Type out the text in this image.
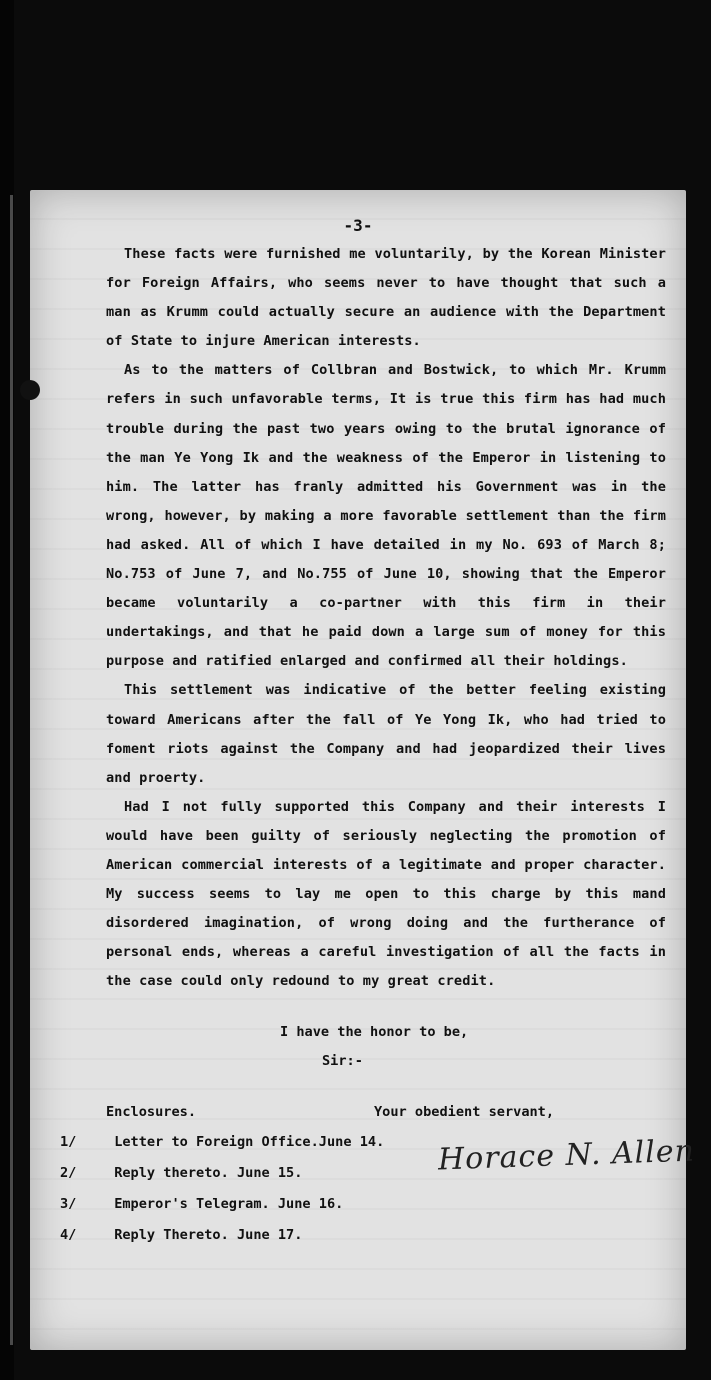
-3-

These facts were furnished me voluntarily, by the Korean Minister for Foreign Affairs, who seems never to have thought that such a man as Krumm could actually secure an audience with the Department of State to injure American interests.

As to the matters of Collbran and Bostwick, to which Mr. Krumm refers in such unfavorable terms, It is true this firm has had much trouble during the past two years owing to the brutal ignorance of the man Ye Yong Ik and the weakness of the Emperor in listening to him. The latter has franly admitted his Government was in the wrong, however, by making a more favorable settlement than the firm had asked. All of which I have detailed in my No. 693 of March 8; No.753 of June 7, and No.755 of June 10, showing that the Emperor became voluntarily a co-partner with this firm in their undertakings, and that he paid down a large sum of money for this purpose and ratified enlarged and confirmed all their holdings.

This settlement was indicative of the better feeling existing toward Americans after the fall of Ye Yong Ik, who had tried to foment riots against the Company and had jeopardized their lives and proerty.

Had I not fully supported this Company and their interests I would have been guilty of seriously neglecting the promotion of American commercial interests of a legitimate and proper character. My success seems to lay me open to this charge by this mand disordered imagination, of wrong doing and the furtherance of personal ends, whereas a careful investigation of all the facts in the case could only redound to my great credit.

I have the honor to be,
Sir:-
Enclosures.	Your obedient servant,
1/	Letter to Foreign Office.June 14.
2/	Reply thereto. June 15.
3/	Emperor's Telegram. June 16.
4/	Reply Thereto. June 17.
Horace N. Allen
